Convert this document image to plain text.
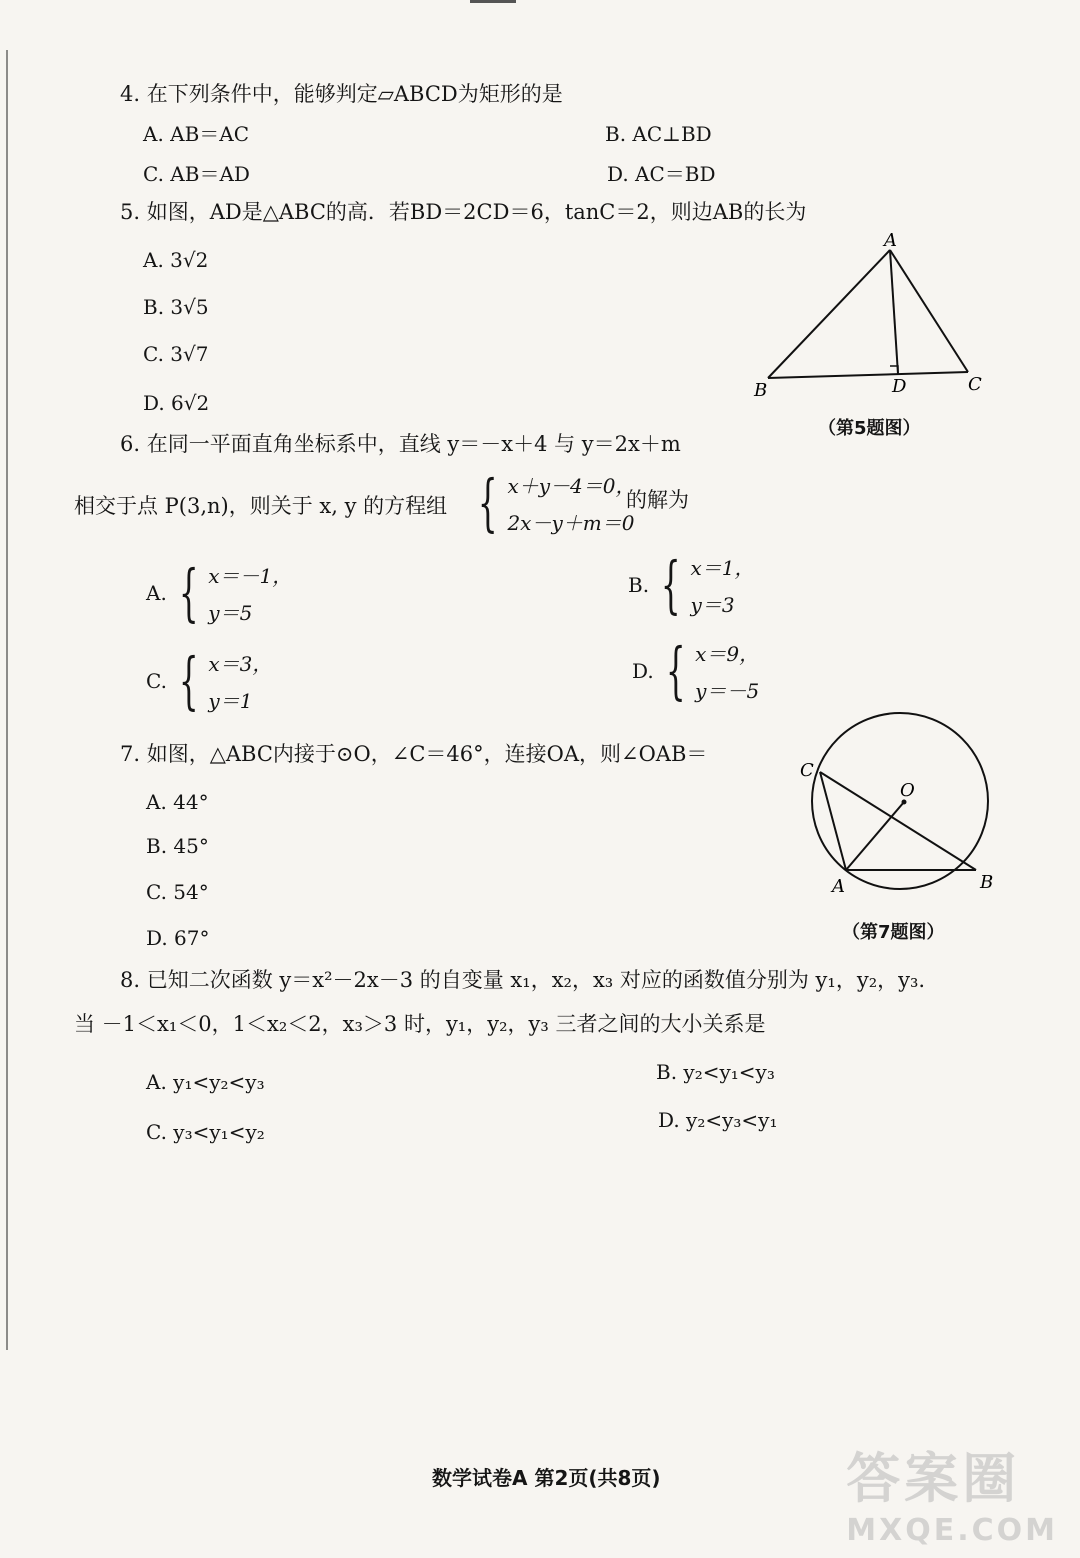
4. 在下列条件中，能够判定▱ABCD为矩形的是
A. AB＝AC	B. AC⊥BD
C. AB＝AD	D. AC＝BD
5. 如图，AD是△ABC的高．若BD＝2CD＝6，tanC＝2，则边AB的长为
A. 3√2
B. 3√5
C. 3√7
D. 6√2
A
B	C
D
（第5题图）
6. 在同一平面直角坐标系中，直线 y＝－x＋4 与 y＝2x＋m
相交于点 P(3,n)，则关于 x, y 的方程组 { x＋y－4＝0，
2x－y＋m＝0
的解为
A. { x＝－1，
y＝5
B. { x＝1，
y＝3
C. { x＝3，
y＝1
D. { x＝9，
y＝－5
7. 如图，△ABC内接于⊙O，∠C＝46°，连接OA，则∠OAB＝
A. 44°
B. 45°
C. 54°
D. 67°
C
O
A	B
（第7题图）
8. 已知二次函数 y＝x²－2x－3 的自变量 x₁，x₂，x₃ 对应的函数值分别为 y₁，y₂，y₃.
当 －1＜x₁＜0，1＜x₂＜2，x₃＞3 时，y₁，y₂，y₃ 三者之间的大小关系是
A. y₁<y₂<y₃	B. y₂<y₁<y₃
C. y₃<y₁<y₂	D. y₂<y₃<y₁
数学试卷A 第2页(共8页)	答案圈
MXQE.COM
